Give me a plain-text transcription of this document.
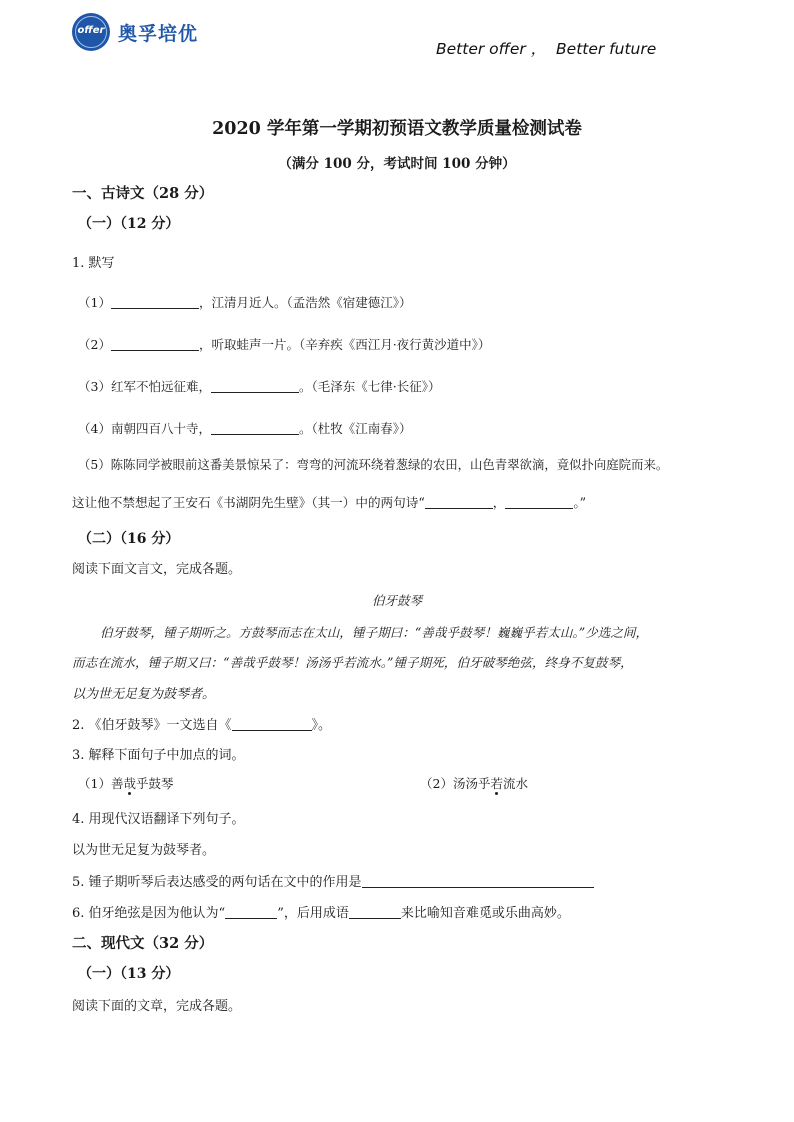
offer 奥孚培优
Better offer ，  Better future
2020 学年第一学期初预语文教学质量检测试卷
（满分 100 分，考试时间 100 分钟）
一、古诗文（28 分）
（一）（12 分）
1. 默写
（1）	，江清月近人。（孟浩然《宿建德江》）
（2）	，听取蛙声一片。（辛弃疾《西江月·夜行黄沙道中》）
（3）红军不怕远征难，	。（毛泽东《七律·长征》）
（4）南朝四百八十寺，	。（杜牧《江南春》）
（5）陈陈同学被眼前这番美景惊呆了：弯弯的河流环绕着葱绿的农田，山色青翠欲滴，竟似扑向庭院而来。
这让他不禁想起了王安石《书湖阴先生壁》（其一）中的两句诗“	，	。”
（二）（16 分）
阅读下面文言文，完成各题。
伯牙鼓琴
伯牙鼓琴，锺子期听之。方鼓琴而志在太山，锺子期曰：“善哉乎鼓琴！巍巍乎若太山。”少选之间，
而志在流水，锺子期又曰：“善哉乎鼓琴！汤汤乎若流水。”锺子期死，伯牙破琴绝弦，终身不复鼓琴，
以为世无足复为鼓琴者。
2. 《伯牙鼓琴》一文选自《	》。
3. 解释下面句子中加点的词。
（1）善哉乎鼓琴	（2）汤汤乎若流水
4. 用现代汉语翻译下列句子。
以为世无足复为鼓琴者。
5. 锺子期听琴后表达感受的两句话在文中的作用是
6. 伯牙绝弦是因为他认为“	”，后用成语	来比喻知音难觅或乐曲高妙。
二、现代文（32 分）
（一）（13 分）
阅读下面的文章，完成各题。
